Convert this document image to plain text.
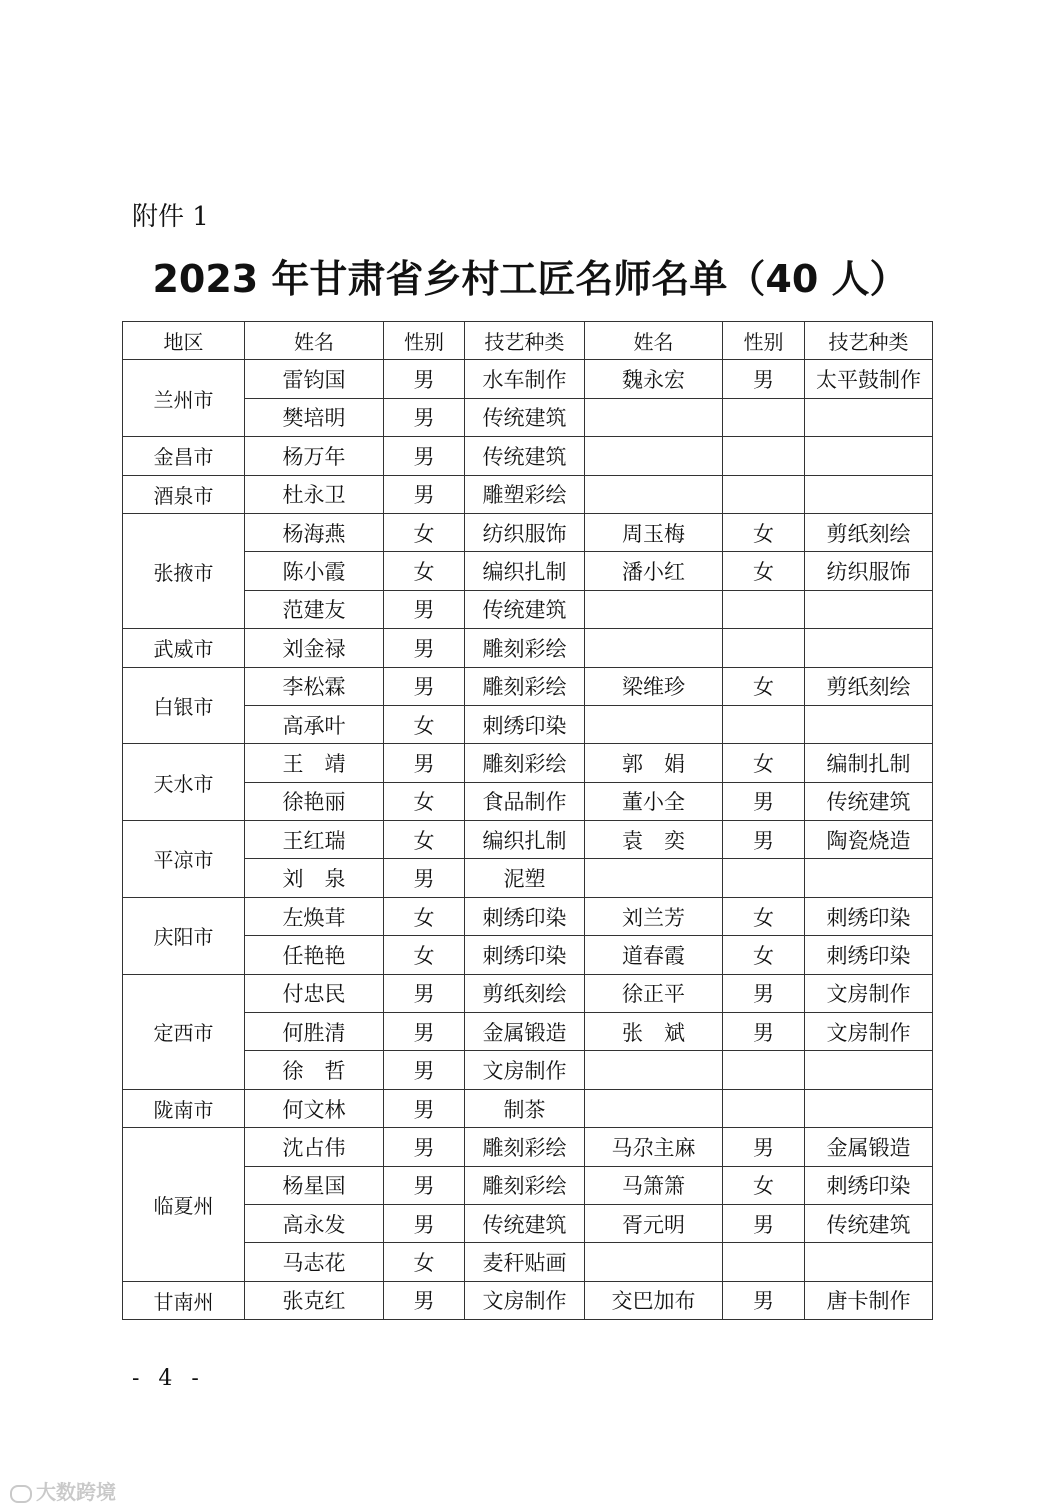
附件 1
2023 年甘肃省乡村工匠名师名单（40 人）
地区	姓名	性别	技艺种类	姓名	性别	技艺种类
兰州市	雷钧国	男	水车制作	魏永宏	男	太平鼓制作
	樊培明	男	传统建筑			
金昌市	杨万年	男	传统建筑			
酒泉市	杜永卫	男	雕塑彩绘			
张掖市	杨海燕	女	纺织服饰	周玉梅	女	剪纸刻绘
	陈小霞	女	编织扎制	潘小红	女	纺织服饰
	范建友	男	传统建筑			
武威市	刘金禄	男	雕刻彩绘			
白银市	李松霖	男	雕刻彩绘	梁维珍	女	剪纸刻绘
	高承叶	女	刺绣印染			
天水市	王　靖	男	雕刻彩绘	郭　娟	女	编制扎制
	徐艳丽	女	食品制作	董小全	男	传统建筑
平凉市	王红瑞	女	编织扎制	袁　奕	男	陶瓷烧造
	刘　泉	男	泥塑			
庆阳市	左焕茸	女	刺绣印染	刘兰芳	女	刺绣印染
	任艳艳	女	刺绣印染	道春霞	女	刺绣印染
定西市	付忠民	男	剪纸刻绘	徐正平	男	文房制作
	何胜清	男	金属锻造	张　斌	男	文房制作
	徐　哲	男	文房制作			
陇南市	何文林	男	制茶			
临夏州	沈占伟	男	雕刻彩绘	马尕主麻	男	金属锻造
	杨星国	男	雕刻彩绘	马箫箫	女	刺绣印染
	高永发	男	传统建筑	胥元明	男	传统建筑
	马志花	女	麦秆贴画			
甘南州	张克红	男	文房制作	交巴加布	男	唐卡制作
- 4 -
大数跨境
